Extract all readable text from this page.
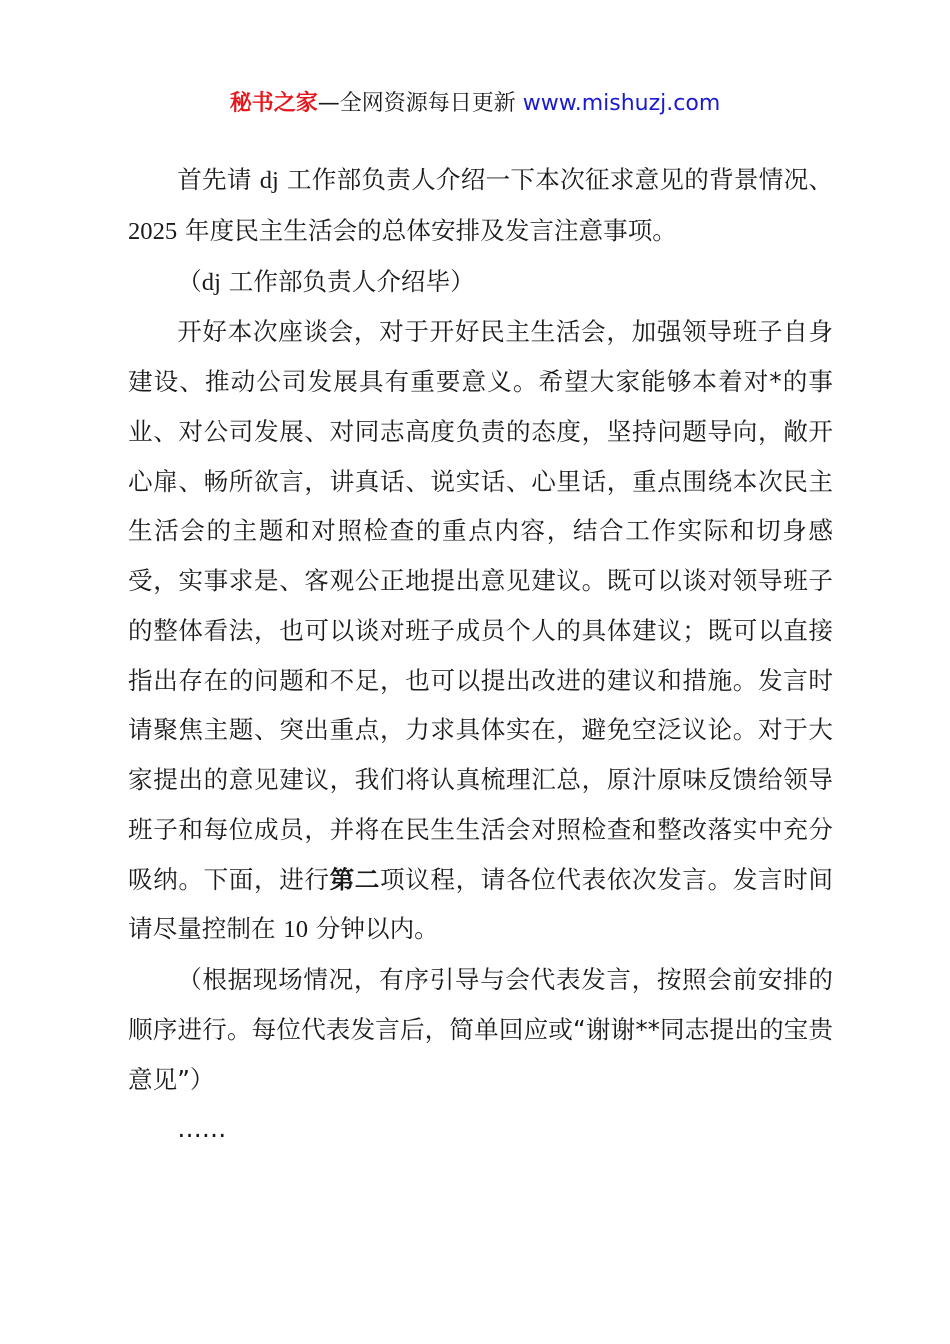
秘书之家—全网资源每日更新 www.mishuzj.com

首先请 dj 工作部负责人介绍一下本次征求意见的背景情况、2025 年度民主生活会的总体安排及发言注意事项。

（dj 工作部负责人介绍毕）

开好本次座谈会，对于开好民主生活会，加强领导班子自身建设、推动公司发展具有重要意义。希望大家能够本着对*的事业、对公司发展、对同志高度负责的态度，坚持问题导向，敞开心扉、畅所欲言，讲真话、说实话、心里话，重点围绕本次民主生活会的主题和对照检查的重点内容，结合工作实际和切身感受，实事求是、客观公正地提出意见建议。既可以谈对领导班子的整体看法，也可以谈对班子成员个人的具体建议；既可以直接指出存在的问题和不足，也可以提出改进的建议和措施。发言时请聚焦主题、突出重点，力求具体实在，避免空泛议论。对于大家提出的意见建议，我们将认真梳理汇总，原汁原味反馈给领导班子和每位成员，并将在民生生活会对照检查和整改落实中充分吸纳。下面，进行第二项议程，请各位代表依次发言。发言时间请尽量控制在 10 分钟以内。

（根据现场情况，有序引导与会代表发言，按照会前安排的顺序进行。每位代表发言后，简单回应或“谢谢**同志提出的宝贵意见”）

……
